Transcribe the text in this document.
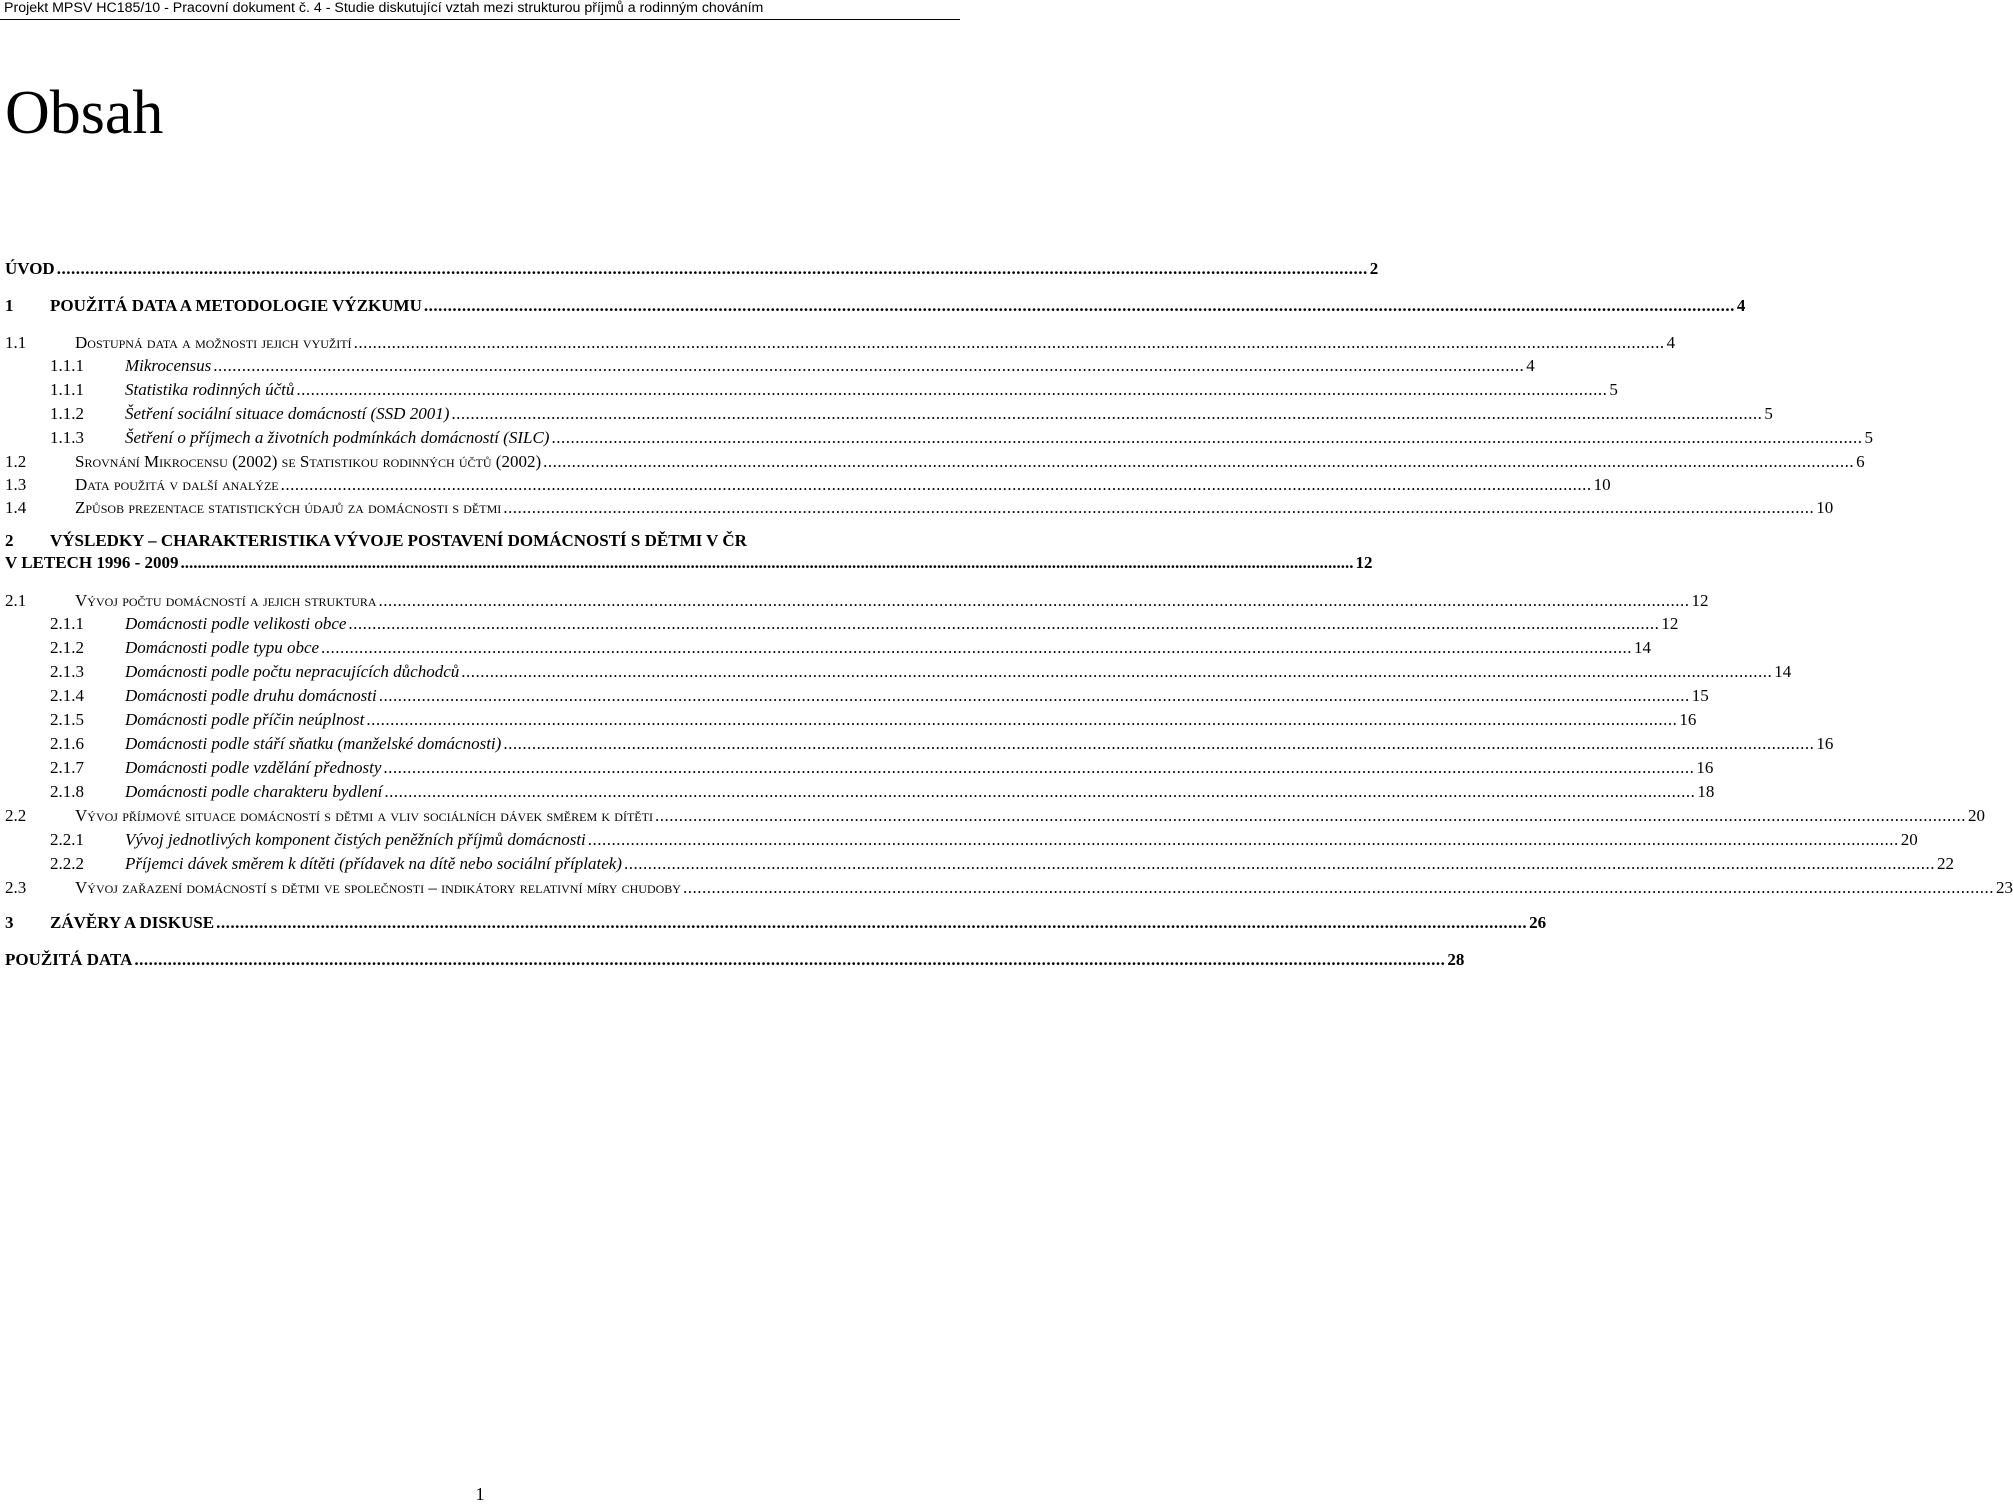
Projekt MPSV HC185/10 - Pracovní dokument č. 4 - Studie diskutující vztah mezi strukturou příjmů a rodinným chováním
Obsah
ÚVOD .....	2
1	POUŽITÁ DATA A METODOLOGIE VÝZKUMU .....	4
1.1	Dostupná data a možnosti jejich využití .....	4
1.1.1	Mikrocensus .....	4
1.1.1	Statistika rodinných účtů .....	5
1.1.2	Šetření sociální situace domácností (SSD 2001) .....	5
1.1.3	Šetření o příjmech a životních podmínkách domácností (SILC) .....	5
1.2	Srovnání Mikrocensu (2002) se Statistikou rodinných účtů (2002) .....	6
1.3	Data použitá v další analýze .....	10
1.4	Způsob prezentace statistických údajů za domácnosti s dětmi .....	10
2 VÝSLEDKY – CHARAKTERISTIKA VÝVOJE POSTAVENÍ DOMÁCNOSTÍ S DĚTMI V ČR
V LETECH 1996 - 2009 .....	12
2.1	Vývoj počtu domácností a jejich struktura .....	12
2.1.1	Domácnosti podle velikosti obce .....	12
2.1.2	Domácnosti podle typu obce .....	14
2.1.3	Domácnosti podle počtu nepracujících důchodců .....	14
2.1.4	Domácnosti podle druhu domácnosti .....	15
2.1.5	Domácnosti podle příčin neúplnost .....	16
2.1.6	Domácnosti podle stáří sňatku (manželské domácnosti) .....	16
2.1.7	Domácnosti podle vzdělání přednosty .....	16
2.1.8	Domácnosti podle charakteru bydlení .....	18
2.2	Vývoj příjmové situace domácností s dětmi a vliv sociálních dávek směrem k dítěti .....	20
2.2.1	Vývoj jednotlivých komponent čistých peněžních příjmů domácnosti .....	20
2.2.2	Příjemci dávek směrem k dítěti (přídavek na dítě nebo sociální příplatek) .....	22
2.3	Vývoj zařazení domácností s dětmi ve společnosti – indikátory relativní míry chudoby .....	23
3	ZÁVĚRY A DISKUSE .....	26
POUŽITÁ DATA .....	28
1
